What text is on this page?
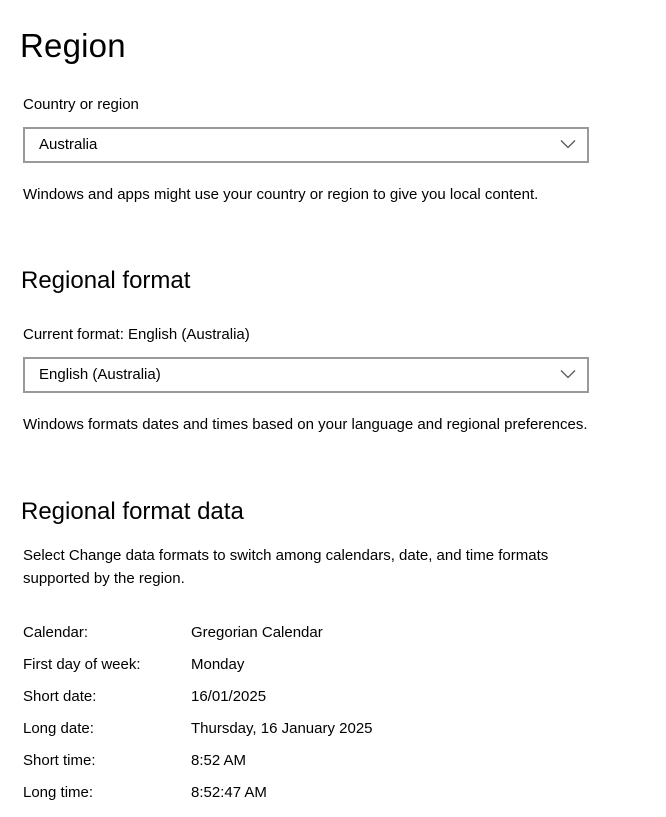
Region
Country or region
Australia
Windows and apps might use your country or region to give you local content.
Regional format
Current format: English (Australia)
English (Australia)
Windows formats dates and times based on your language and regional preferences.
Regional format data
Select Change data formats to switch among calendars, date, and time formats supported by the region.
Calendar:	Gregorian Calendar
First day of week:	Monday
Short date:	16/01/2025
Long date:	Thursday, 16 January 2025
Short time:	8:52 AM
Long time:	8:52:47 AM
